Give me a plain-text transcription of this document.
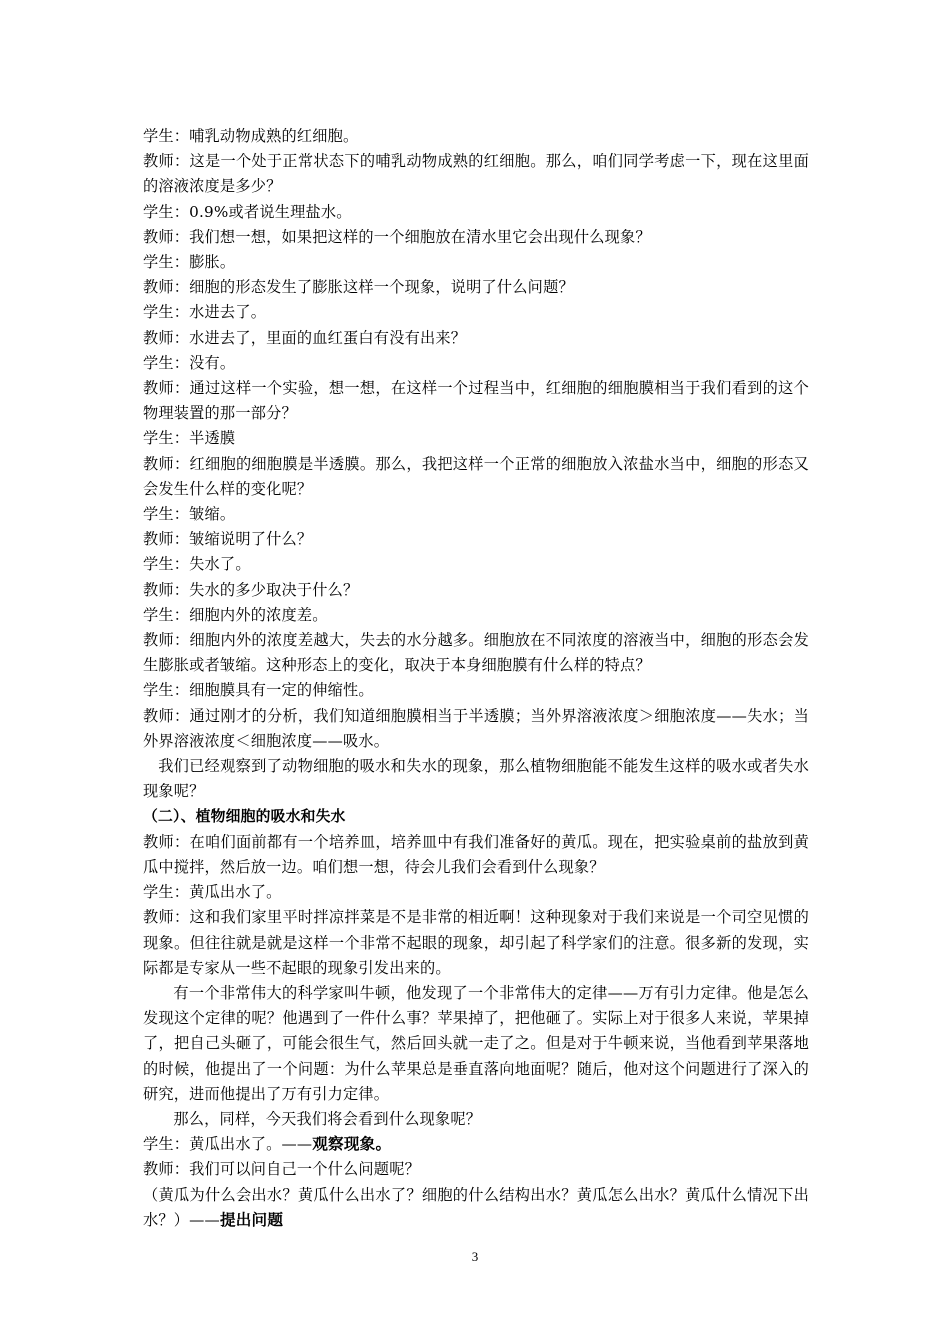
学生：哺乳动物成熟的红细胞。

教师：这是一个处于正常状态下的哺乳动物成熟的红细胞。那么，咱们同学考虑一下，现在这里面的溶液浓度是多少？

学生：0.9%或者说生理盐水。

教师：我们想一想，如果把这样的一个细胞放在清水里它会出现什么现象？

学生：膨胀。

教师：细胞的形态发生了膨胀这样一个现象，说明了什么问题？

学生：水进去了。

教师：水进去了，里面的血红蛋白有没有出来？

学生：没有。

教师：通过这样一个实验，想一想，在这样一个过程当中，红细胞的细胞膜相当于我们看到的这个物理装置的那一部分？

学生：半透膜

教师：红细胞的细胞膜是半透膜。那么，我把这样一个正常的细胞放入浓盐水当中，细胞的形态又会发生什么样的变化呢？

学生：皱缩。

教师：皱缩说明了什么？

学生：失水了。

教师：失水的多少取决于什么？

学生：细胞内外的浓度差。

教师：细胞内外的浓度差越大，失去的水分越多。细胞放在不同浓度的溶液当中，细胞的形态会发生膨胀或者皱缩。这种形态上的变化，取决于本身细胞膜有什么样的特点？

学生：细胞膜具有一定的伸缩性。

教师：通过刚才的分析，我们知道细胞膜相当于半透膜；当外界溶液浓度＞细胞浓度——失水；当外界溶液浓度＜细胞浓度——吸水。

我们已经观察到了动物细胞的吸水和失水的现象，那么植物细胞能不能发生这样的吸水或者失水现象呢？

（二）、植物细胞的吸水和失水

教师：在咱们面前都有一个培养皿，培养皿中有我们准备好的黄瓜。现在，把实验桌前的盐放到黄瓜中搅拌，然后放一边。咱们想一想，待会儿我们会看到什么现象？

学生：黄瓜出水了。

教师：这和我们家里平时拌凉拌菜是不是非常的相近啊！这种现象对于我们来说是一个司空见惯的现象。但往往就是就是这样一个非常不起眼的现象，却引起了科学家们的注意。很多新的发现，实际都是专家从一些不起眼的现象引发出来的。

有一个非常伟大的科学家叫牛顿，他发现了一个非常伟大的定律——万有引力定律。他是怎么发现这个定律的呢？他遇到了一件什么事？苹果掉了，把他砸了。实际上对于很多人来说，苹果掉了，把自己头砸了，可能会很生气，然后回头就一走了之。但是对于牛顿来说，当他看到苹果落地的时候，他提出了一个问题：为什么苹果总是垂直落向地面呢？随后，他对这个问题进行了深入的研究，进而他提出了万有引力定律。

那么，同样，今天我们将会看到什么现象呢？

学生：黄瓜出水了。——观察现象。

教师：我们可以问自己一个什么问题呢？

（黄瓜为什么会出水？黄瓜什么出水了？细胞的什么结构出水？黄瓜怎么出水？黄瓜什么情况下出水？）——提出问题

3
